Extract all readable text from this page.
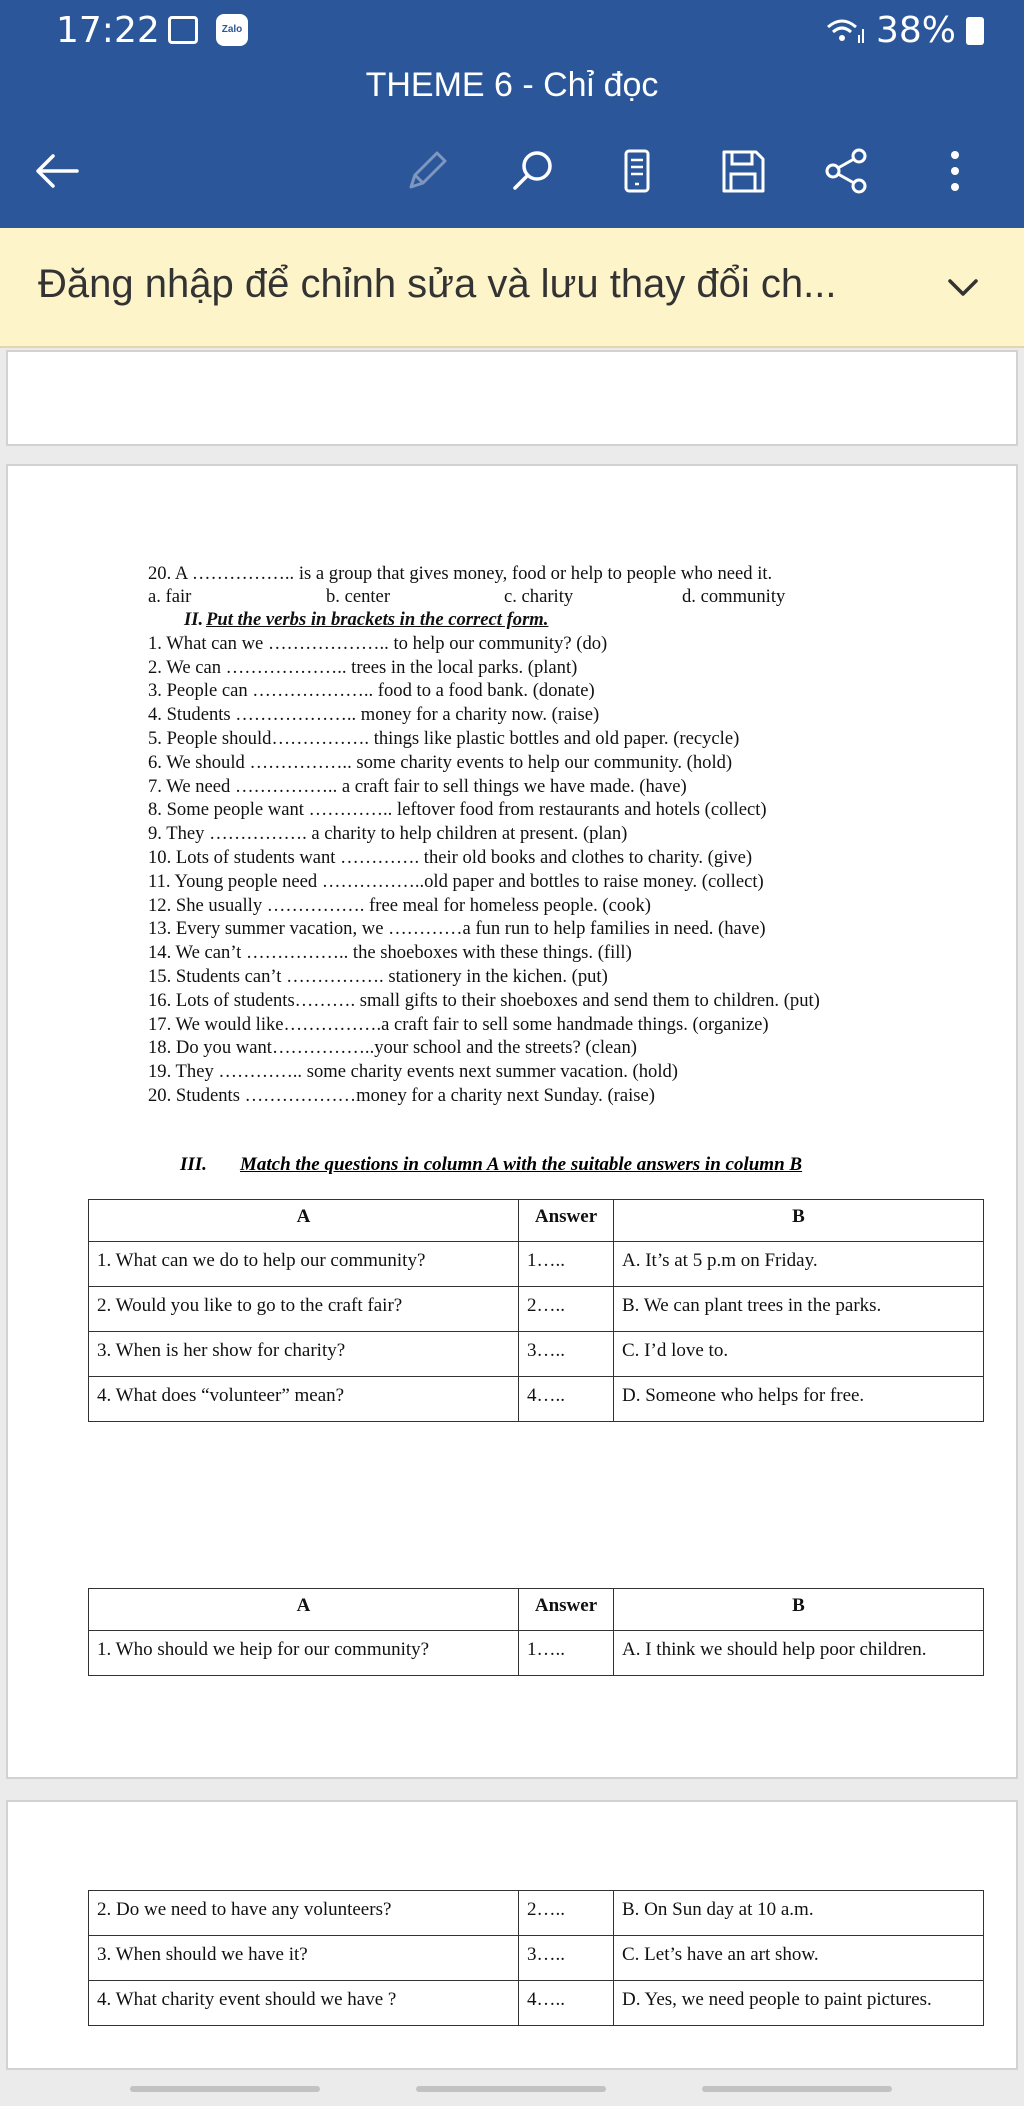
17:22	Zalo	38%
THEME 6 - Chỉ đọc
Đăng nhập để chỉnh sửa và lưu thay đổi ch...
20. A …………….. is a group that gives money, food or help to people who need it.
a. fair	b. center	c. charity	d. community
II. Put the verbs in brackets in the correct form.
1. What can we ……………….. to help our community? (do)
2. We can ……………….. trees in the local parks. (plant)
3. People can ……………….. food to a food bank. (donate)
4. Students ……………….. money for a charity now. (raise)
5. People should……………. things like plastic bottles and old paper. (recycle)
6. We should …………….. some charity events to help our community. (hold)
7. We need …………….. a craft fair to sell things we have made. (have)
8. Some people want ………….. leftover food from restaurants and hotels (collect)
9. They ……………. a charity to help children at present. (plan)
10. Lots of students want …………. their old books and clothes to charity. (give)
11. Young people need ……………..old paper and bottles to raise money. (collect)
12. She usually ……………. free meal for homeless people. (cook)
13. Every summer vacation, we …………a fun run to help families in need. (have)
14. We can’t …………….. the shoeboxes with these things. (fill)
15. Students can’t ……………. stationery in the kichen. (put)
16. Lots of students………. small gifts to their shoeboxes and send them to children. (put)
17. We would like…………….a craft fair to sell some handmade things. (organize)
18. Do you want……………..your school and the streets? (clean)
19. They ………….. some charity events next summer vacation. (hold)
20. Students ………………money for a charity next Sunday. (raise)
III. Match the questions in column A with the suitable answers in column B
A	Answer	B
1. What can we do to help our community?	1…..	A. It’s at 5 p.m on Friday.
2. Would you like to go to the craft fair?	2…..	B. We can plant trees in the parks.
3. When is her show for charity?	3…..	C. I’d love to.
4. What does “volunteer” mean?	4…..	D. Someone who helps for free.
A	Answer	B
1. Who should we heip for our community?	1…..	A. I think we should help poor children.
2. Do we need to have any volunteers?	2…..	B. On Sun day at 10 a.m.
3. When should we have it?	3…..	C. Let’s have an art show.
4. What charity event should we have ?	4…..	D. Yes, we need people to paint pictures.
